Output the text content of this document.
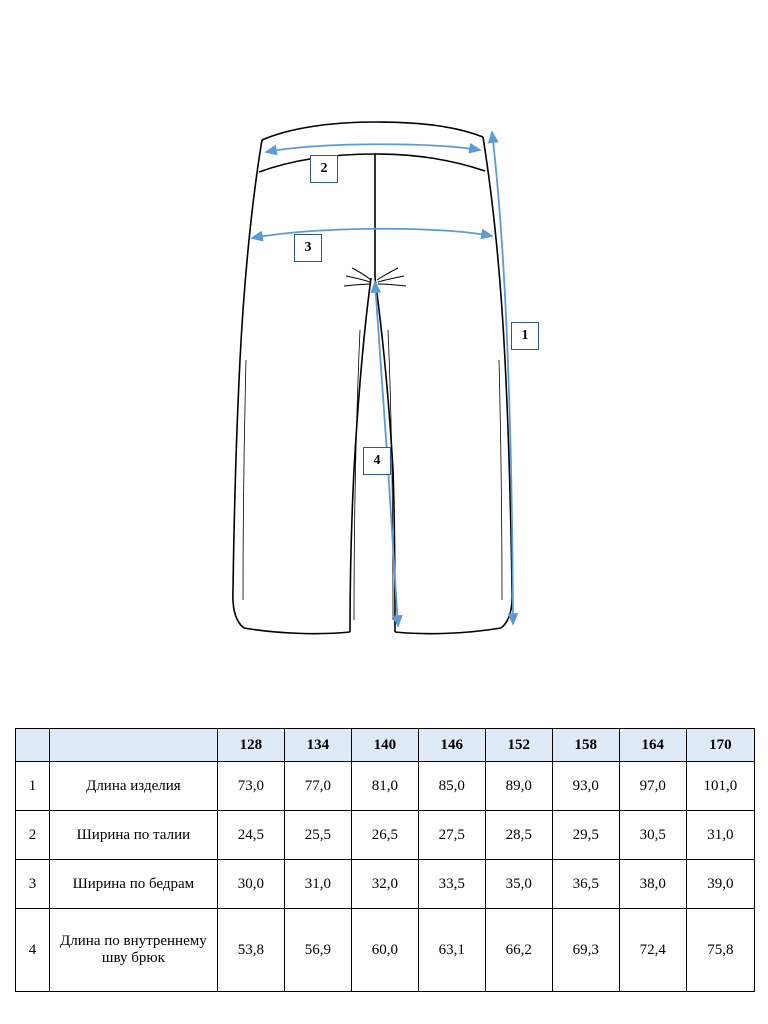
1
2
3
4
		128	134	140	146	152	158	164	170
1	Длина изделия	73,0	77,0	81,0	85,0	89,0	93,0	97,0	101,0
2	Ширина по талии	24,5	25,5	26,5	27,5	28,5	29,5	30,5	31,0
3	Ширина по бедрам	30,0	31,0	32,0	33,5	35,0	36,5	38,0	39,0
4	Длина по внутреннему шву брюк	53,8	56,9	60,0	63,1	66,2	69,3	72,4	75,8
